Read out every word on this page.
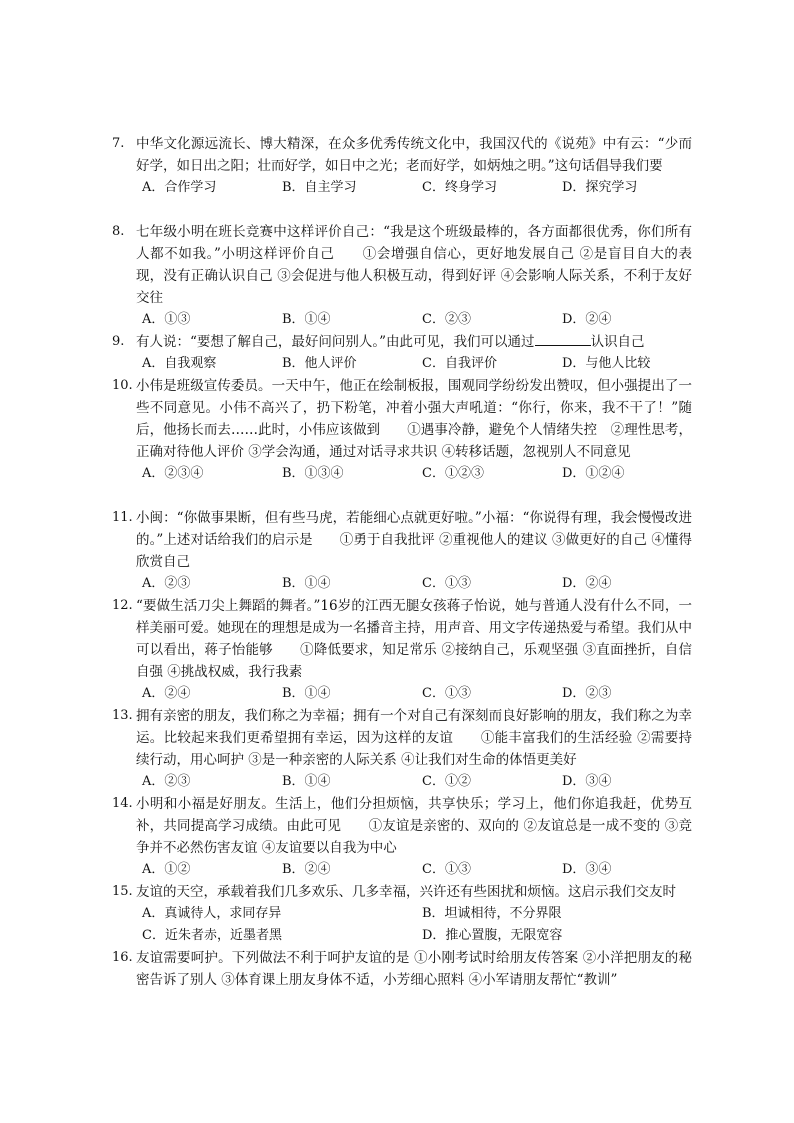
7. 中华文化源远流长、博大精深，在众多优秀传统文化中，我国汉代的《说苑》中有云：“少而好学，如日出之阳；壮而好学，如日中之光；老而好学，如炳烛之明。”这句话倡导我们要
A．合作学习	B．自主学习	C．终身学习	D．探究学习
8. 七年级小明在班长竞赛中这样评价自己：“我是这个班级最棒的，各方面都很优秀，你们所有人都不如我。”小明这样评价自己　　①会增强自信心，更好地发展自己 ②是盲目自大的表现，没有正确认识自己 ③会促进与他人积极互动，得到好评 ④会影响人际关系，不利于友好交往
A．①③	B．①④	C．②③	D．②④
9. 有人说：“要想了解自己，最好问问别人。”由此可见，我们可以通过	认识自己
A．自我观察	B．他人评价	C．自我评价	D．与他人比较
10. 小伟是班级宣传委员。一天中午，他正在绘制板报，围观同学纷纷发出赞叹，但小强提出了一些不同意见。小伟不高兴了，扔下粉笔，冲着小强大声吼道：“你行，你来，我不干了！”随后，他扬长而去……此时，小伟应该做到　　①遇事冷静，避免个人情绪失控　②理性思考，正确对待他人评价 ③学会沟通，通过对话寻求共识 ④转移话题，忽视别人不同意见
A．②③④	B．①③④	C．①②③	D．①②④
11. 小闽：“你做事果断，但有些马虎，若能细心点就更好啦。”小福：“你说得有理，我会慢慢改进的。”上述对话给我们的启示是　　①勇于自我批评 ②重视他人的建议 ③做更好的自己 ④懂得欣赏自己
A．②③	B．①④	C．①③	D．②④
12. “要做生活刀尖上舞蹈的舞者。”16岁的江西无腿女孩蒋子怡说，她与普通人没有什么不同，一样美丽可爱。她现在的理想是成为一名播音主持，用声音、用文字传递热爱与希望。我们从中可以看出，蒋子怡能够　　①降低要求，知足常乐 ②接纳自己，乐观坚强 ③直面挫折，自信自强 ④挑战权威，我行我素
A．②④	B．①④	C．①③	D．②③
13. 拥有亲密的朋友，我们称之为幸福；拥有一个对自己有深刻而良好影响的朋友，我们称之为幸运。比较起来我们更希望拥有幸运，因为这样的友谊　　①能丰富我们的生活经验 ②需要持续行动，用心呵护 ③是一种亲密的人际关系 ④让我们对生命的体悟更美好
A．②③	B．①④	C．①②	D．③④
14. 小明和小福是好朋友。生活上，他们分担烦恼，共享快乐；学习上，他们你追我赶，优势互补，共同提高学习成绩。由此可见　　①友谊是亲密的、双向的 ②友谊总是一成不变的 ③竞争并不必然伤害友谊 ④友谊要以自我为中心
A．①②	B．②④	C．①③	D．③④
15. 友谊的天空，承载着我们几多欢乐、几多幸福，兴许还有些困扰和烦恼。这启示我们交友时
A．真诚待人，求同存异	B．坦诚相待，不分界限
C．近朱者赤，近墨者黑	D．推心置腹，无限宽容
16. 友谊需要呵护。下列做法不利于呵护友谊的是 ①小刚考试时给朋友传答案 ②小洋把朋友的秘密告诉了别人 ③体育课上朋友身体不适，小芳细心照料 ④小军请朋友帮忙“教训”
